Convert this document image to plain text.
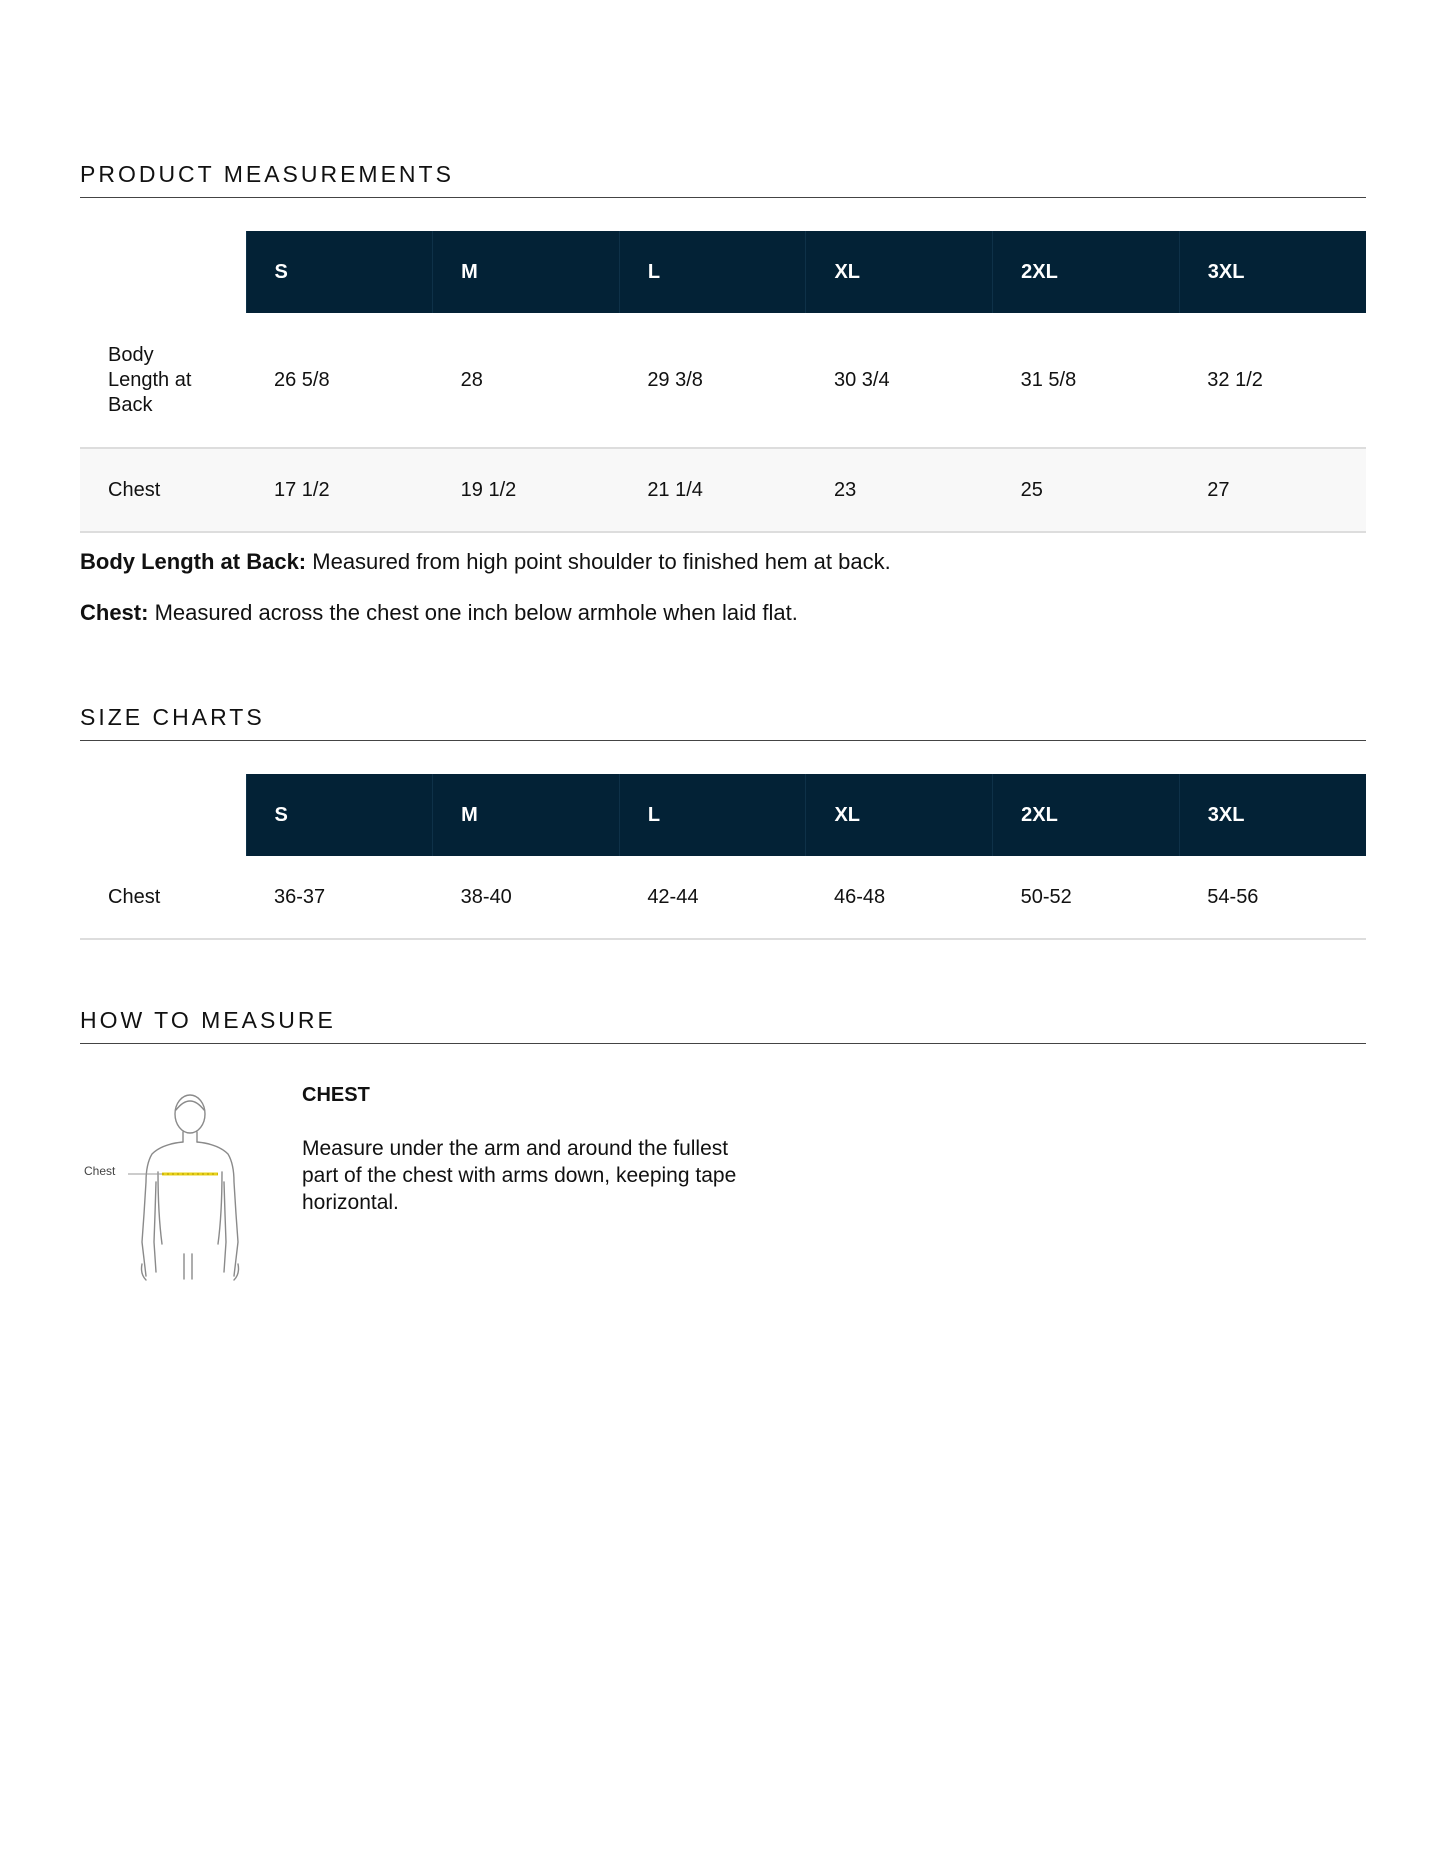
PRODUCT MEASUREMENTS
	S	M	L	XL	2XL	3XL

Body Length at Back	26 5/8	28	29 3/8	30 3/4	31 5/8	32 1/2
Chest	17 1/2	19 1/2	21 1/4	23	25	27

Body Length at Back: Measured from high point shoulder to finished hem at back.

Chest: Measured across the chest one inch below armhole when laid flat.

SIZE CHARTS
	S	M	L	XL	2XL	3XL
Chest	36-37	38-40	42-44	46-48	50-52	54-56
HOW TO MEASURE
Chest

CHEST

Measure under the arm and around the fullest part of the chest with arms down, keeping tape horizontal.
